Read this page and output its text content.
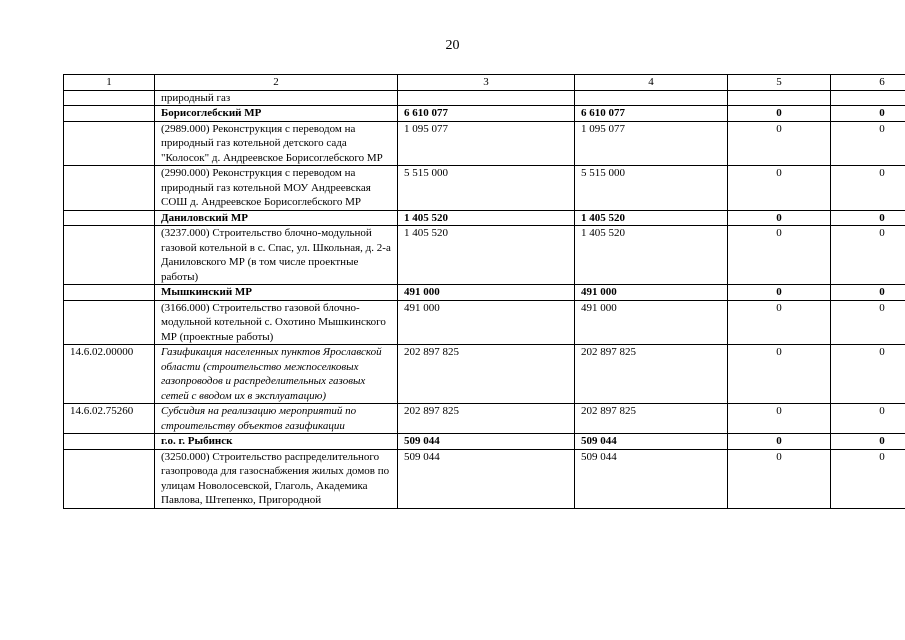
20
1	2	3	4	5	6
	природный газ				
	Борисоглебский МР	6 610 077	6 610 077	0	0
	(2989.000) Реконструкция с переводом на природный газ котельной детского сада "Колосок" д. Андреевское Борисоглебского МР	1 095 077	1 095 077	0	0
	(2990.000) Реконструкция с переводом на природный газ котельной МОУ Андреевская СОШ д. Андреевское Борисоглебского МР	5 515 000	5 515 000	0	0
	Даниловский МР	1 405 520	1 405 520	0	0
	(3237.000) Строительство блочно-модульной газовой котельной в с. Спас, ул. Школьная, д. 2-а Даниловского МР (в том числе проектные работы)	1 405 520	1 405 520	0	0
	Мышкинский МР	491 000	491 000	0	0
	(3166.000) Строительство газовой блочно-модульной котельной с. Охотино Мышкинского МР (проектные работы)	491 000	491 000	0	0
14.6.02.00000	Газификация населенных пунктов Ярославской области (строительство межпоселковых газопроводов и распределительных газовых сетей с вводом их в эксплуатацию)	202 897 825	202 897 825	0	0
14.6.02.75260	Субсидия на реализацию мероприятий по строительству объектов газификации	202 897 825	202 897 825	0	0
	г.о. г. Рыбинск	509 044	509 044	0	0
	(3250.000) Строительство распределительного газопровода для газоснабжения жилых домов по улицам Новолосевской, Глаголь, Академика Павлова, Штепенко, Пригородной	509 044	509 044	0	0
